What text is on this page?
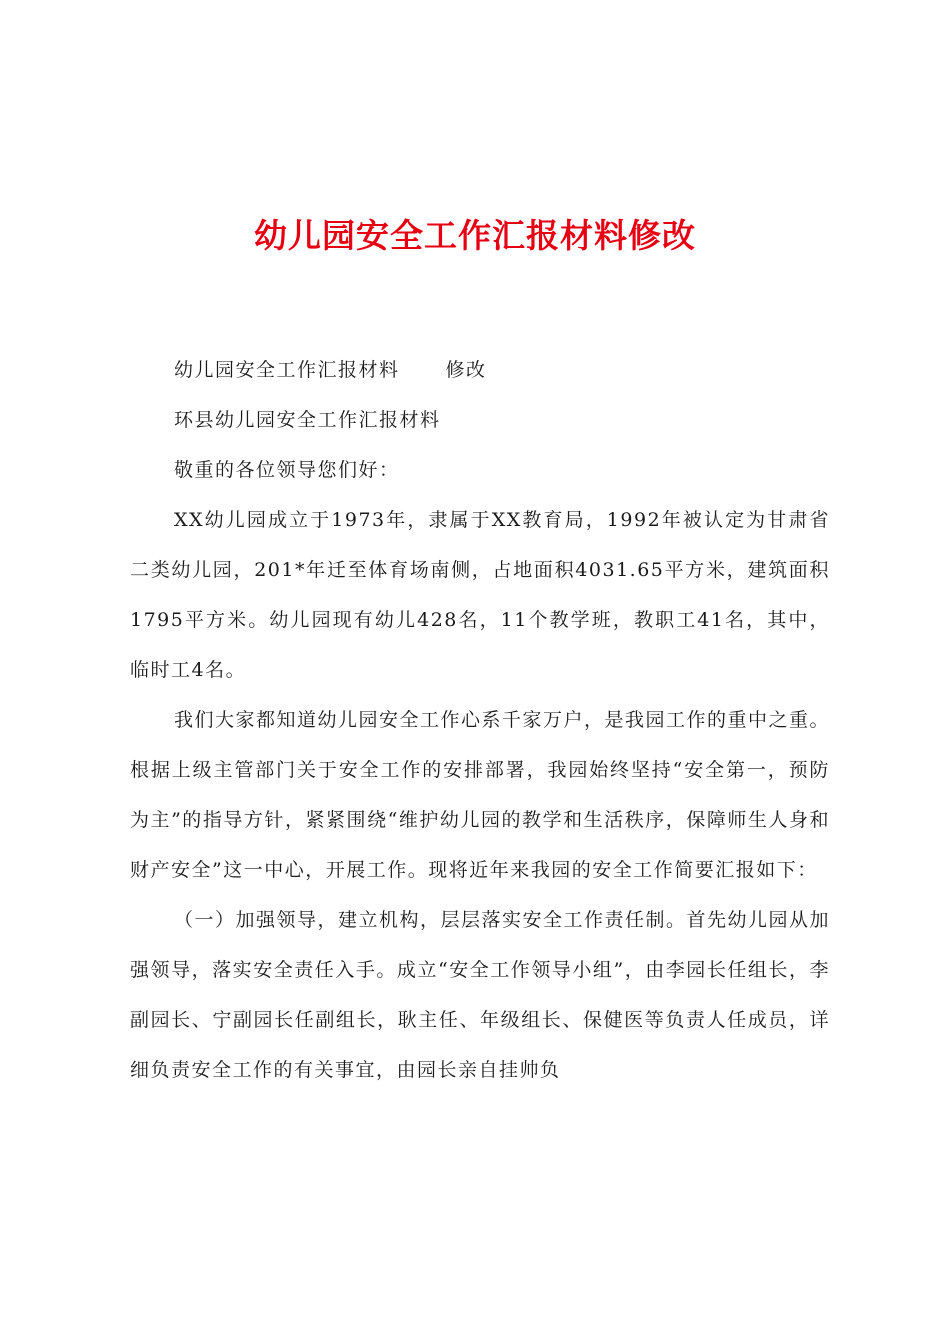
幼儿园安全工作汇报材料修改

幼儿园安全工作汇报材料 修改

环县幼儿园安全工作汇报材料

敬重的各位领导您们好：

XX幼儿园成立于1973年，隶属于XX教育局，1992年被认定为甘肃省二类幼儿园，201*年迁至体育场南侧，占地面积4031.65平方米，建筑面积1795平方米。幼儿园现有幼儿428名，11个教学班，教职工41名，其中，临时工4名。

我们大家都知道幼儿园安全工作心系千家万户，是我园工作的重中之重。根据上级主管部门关于安全工作的安排部署，我园始终坚持“安全第一，预防为主”的指导方针，紧紧围绕“维护幼儿园的教学和生活秩序，保障师生人身和财产安全”这一中心，开展工作。现将近年来我园的安全工作简要汇报如下：

（一）加强领导，建立机构，层层落实安全工作责任制。首先幼儿园从加强领导，落实安全责任入手。成立“安全工作领导小组”，由李园长任组长，李副园长、宁副园长任副组长，耿主任、年级组长、保健医等负责人任成员，详细负责安全工作的有关事宜，由园长亲自挂帅负
